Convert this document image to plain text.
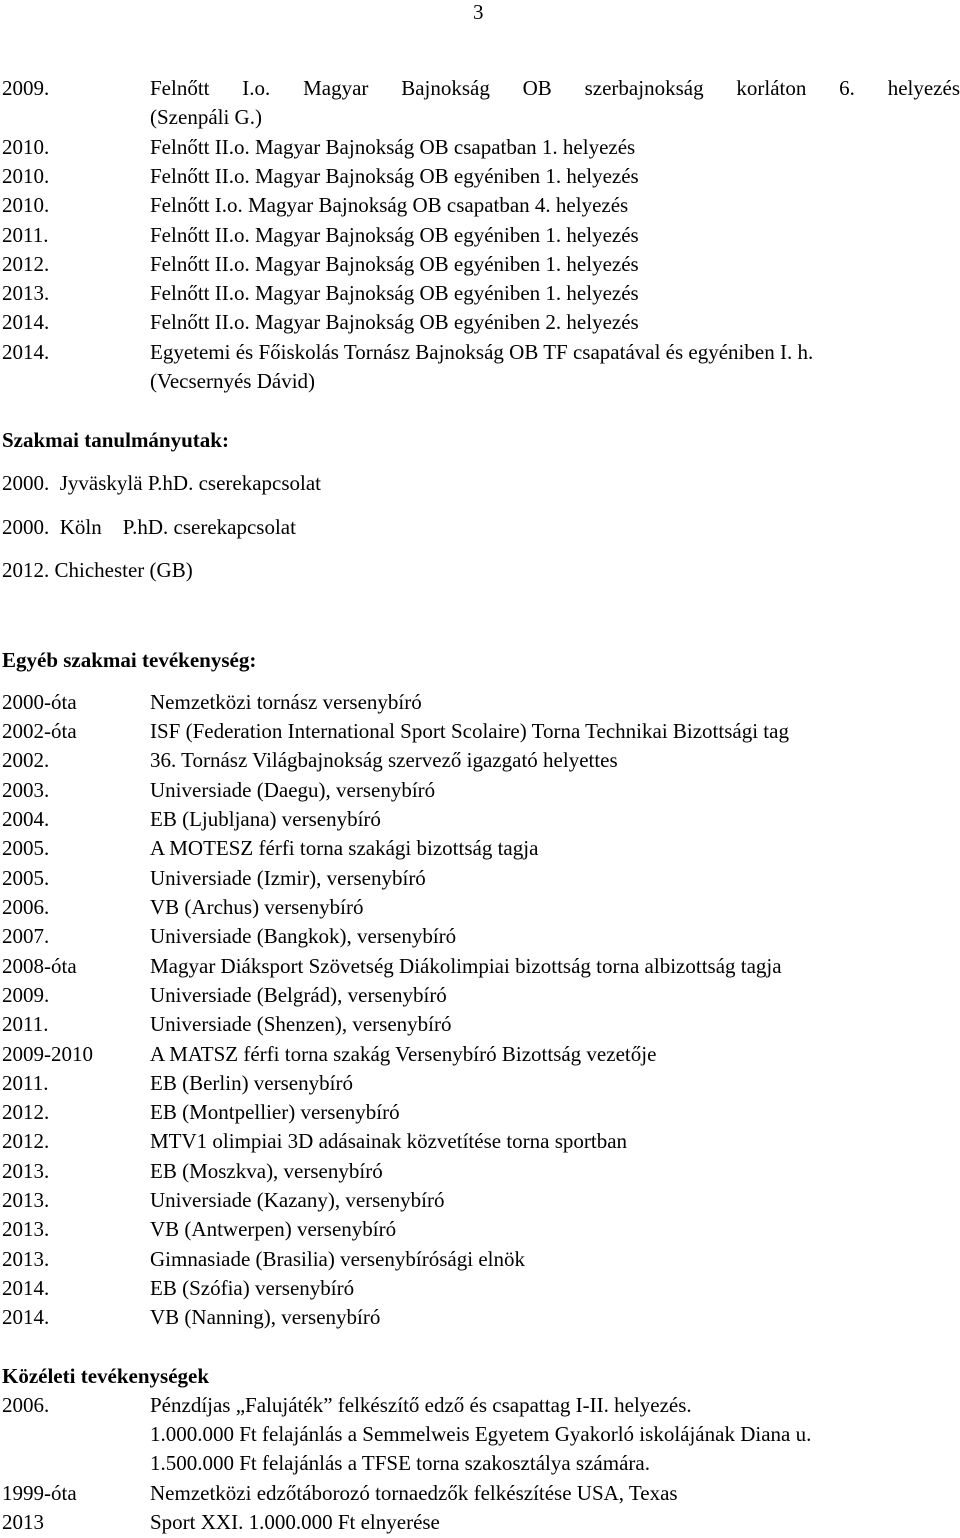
3
2009.	Felnőtt I.o. Magyar Bajnokság OB szerbajnokság korláton 6. helyezés
(Szenpáli G.)
2010.	Felnőtt II.o. Magyar Bajnokság OB csapatban 1. helyezés
2010.	Felnőtt II.o. Magyar Bajnokság OB egyéniben 1. helyezés
2010.	Felnőtt I.o. Magyar Bajnokság OB csapatban 4. helyezés
2011.	Felnőtt II.o. Magyar Bajnokság OB egyéniben 1. helyezés
2012.	Felnőtt II.o. Magyar Bajnokság OB egyéniben 1. helyezés
2013.	Felnőtt II.o. Magyar Bajnokság OB egyéniben 1. helyezés
2014.	Felnőtt II.o. Magyar Bajnokság OB egyéniben 2. helyezés
2014.	Egyetemi és Főiskolás Tornász Bajnokság OB TF csapatával és egyéniben I. h.
(Vecsernyés Dávid)
Szakmai tanulmányutak:
2000.  Jyväskylä P.hD. cserekapcsolat
2000.  Köln    P.hD. cserekapcsolat
2012. Chichester (GB)
Egyéb szakmai tevékenység:
2000-óta	Nemzetközi tornász versenybíró
2002-óta	ISF (Federation International Sport Scolaire) Torna Technikai Bizottsági tag
2002.	36. Tornász Világbajnokság szervező igazgató helyettes
2003.	Universiade (Daegu), versenybíró
2004.	EB (Ljubljana) versenybíró
2005.	A MOTESZ férfi torna szakági bizottság tagja
2005.	Universiade (Izmir), versenybíró
2006.	VB (Archus) versenybíró
2007.	Universiade (Bangkok), versenybíró
2008-óta	Magyar Diáksport Szövetség Diákolimpiai bizottság torna albizottság tagja
2009.	Universiade (Belgrád), versenybíró
2011.	Universiade (Shenzen), versenybíró
2009-2010	A MATSZ férfi torna szakág Versenybíró Bizottság vezetője
2011.	EB (Berlin) versenybíró
2012.	EB (Montpellier) versenybíró
2012.	MTV1 olimpiai 3D adásainak közvetítése torna sportban
2013.	EB (Moszkva), versenybíró
2013.	Universiade (Kazany), versenybíró
2013.	VB (Antwerpen) versenybíró
2013.	Gimnasiade (Brasilia) versenybírósági elnök
2014.	EB (Szófia) versenybíró
2014.	VB (Nanning), versenybíró
Közéleti tevékenységek
2006.	Pénzdíjas „Falujáték” felkészítő edző és csapattag I-II. helyezés.
1.000.000 Ft felajánlás a Semmelweis Egyetem Gyakorló iskolájának Diana u.
1.500.000 Ft felajánlás a TFSE torna szakosztálya számára.
1999-óta	Nemzetközi edzőtáborozó tornaedzők felkészítése USA, Texas
2013	Sport XXI. 1.000.000 Ft elnyerése
